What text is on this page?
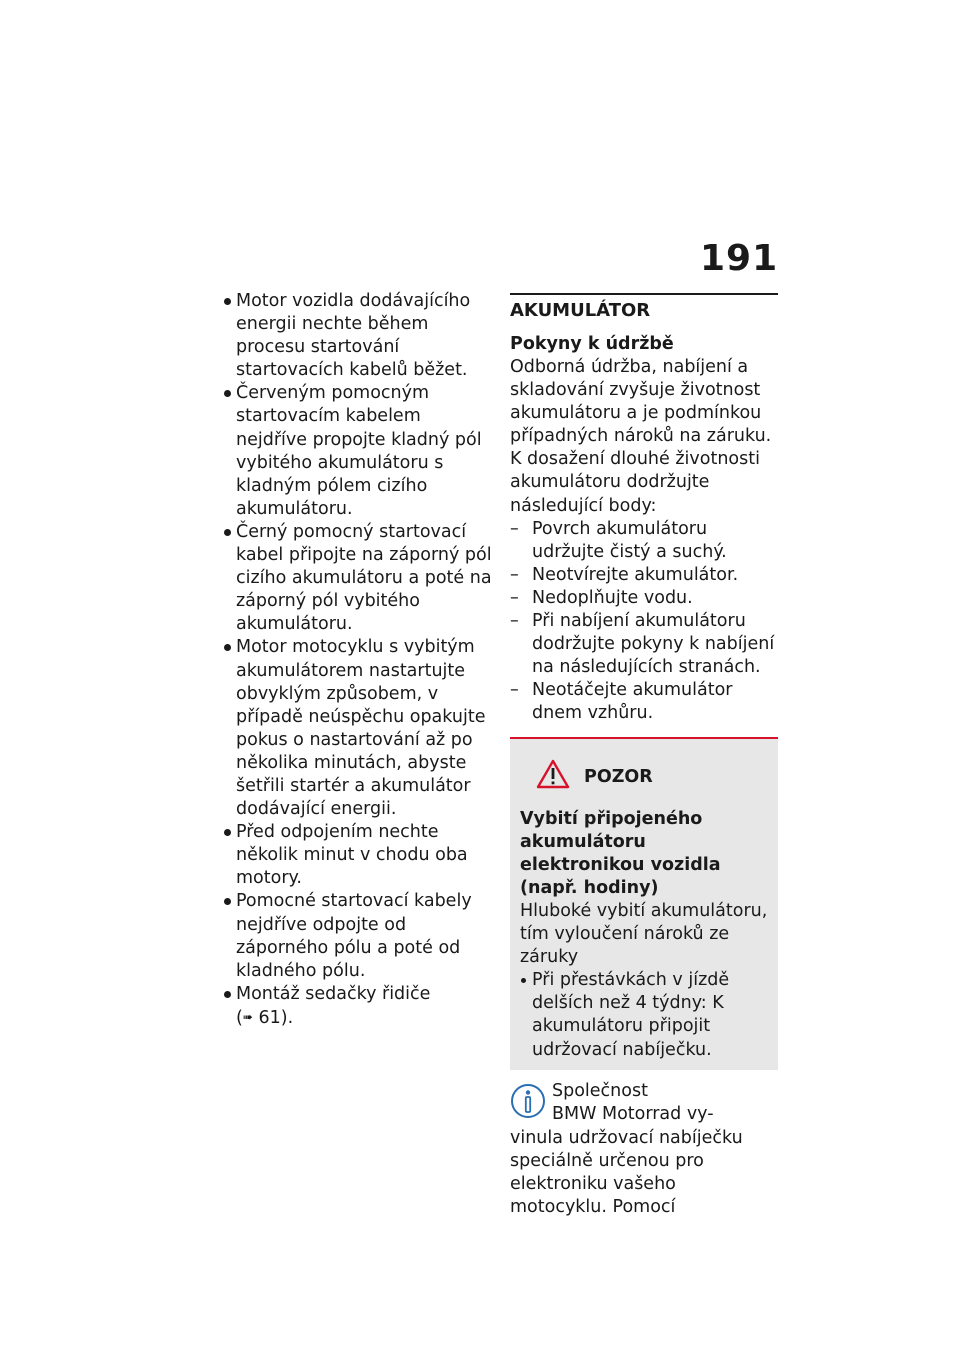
191
Motor vozidla dodávajícího energii nechte během procesu startování startovacích kabelů běžet.
Červeným pomocným startovacím kabelem nejdříve propojte kladný pól vybitého akumulátoru s kladným pólem cizího akumulátoru.
Černý pomocný startovací kabel připojte na záporný pól cizího akumulátoru a poté na záporný pól vybitého akumulátoru.
Motor motocyklu s vybitým akumulátorem nastartujte obvyklým způsobem, v případě neúspěchu opakujte pokus o nastartování až po několika minutách, abyste šetřili startér a akumulátor dodávající energii.
Před odpojením nechte několik minut v chodu oba motory.
Pomocné startovací kabely nejdříve odpojte od záporného pólu a poté od kladného pólu.
Montáž sedačky řidiče
(➠ 61).
AKUMULÁTOR
Pokyny k údržbě

Odborná údržba, nabíjení a skladování zvyšuje životnost akumulátoru a je podmínkou případných nároků na záruku. K dosažení dlouhé životnosti akumulátoru dodržujte následující body:

– Povrch akumulátoru udržujte čistý a suchý.
– Neotvírejte akumulátor.
– Nedoplňujte vodu.
– Při nabíjení akumulátoru dodržujte pokyny k nabíjení na následujících stranách.
– Neotáčejte akumulátor dnem vzhůru.
POZOR
Vybití připojeného akumulátoru elektronikou vozidla (např. hodiny)
Hluboké vybití akumulátoru, tím vyloučení nároků ze záruky
Při přestávkách v jízdě delších než 4 týdny: K akumulátoru připojit udržovací nabíječku.
Společnost
BMW Motorrad vy-
vinula udržovací nabíječku speciálně určenou pro elektroniku vašeho motocyklu. Pomocí
